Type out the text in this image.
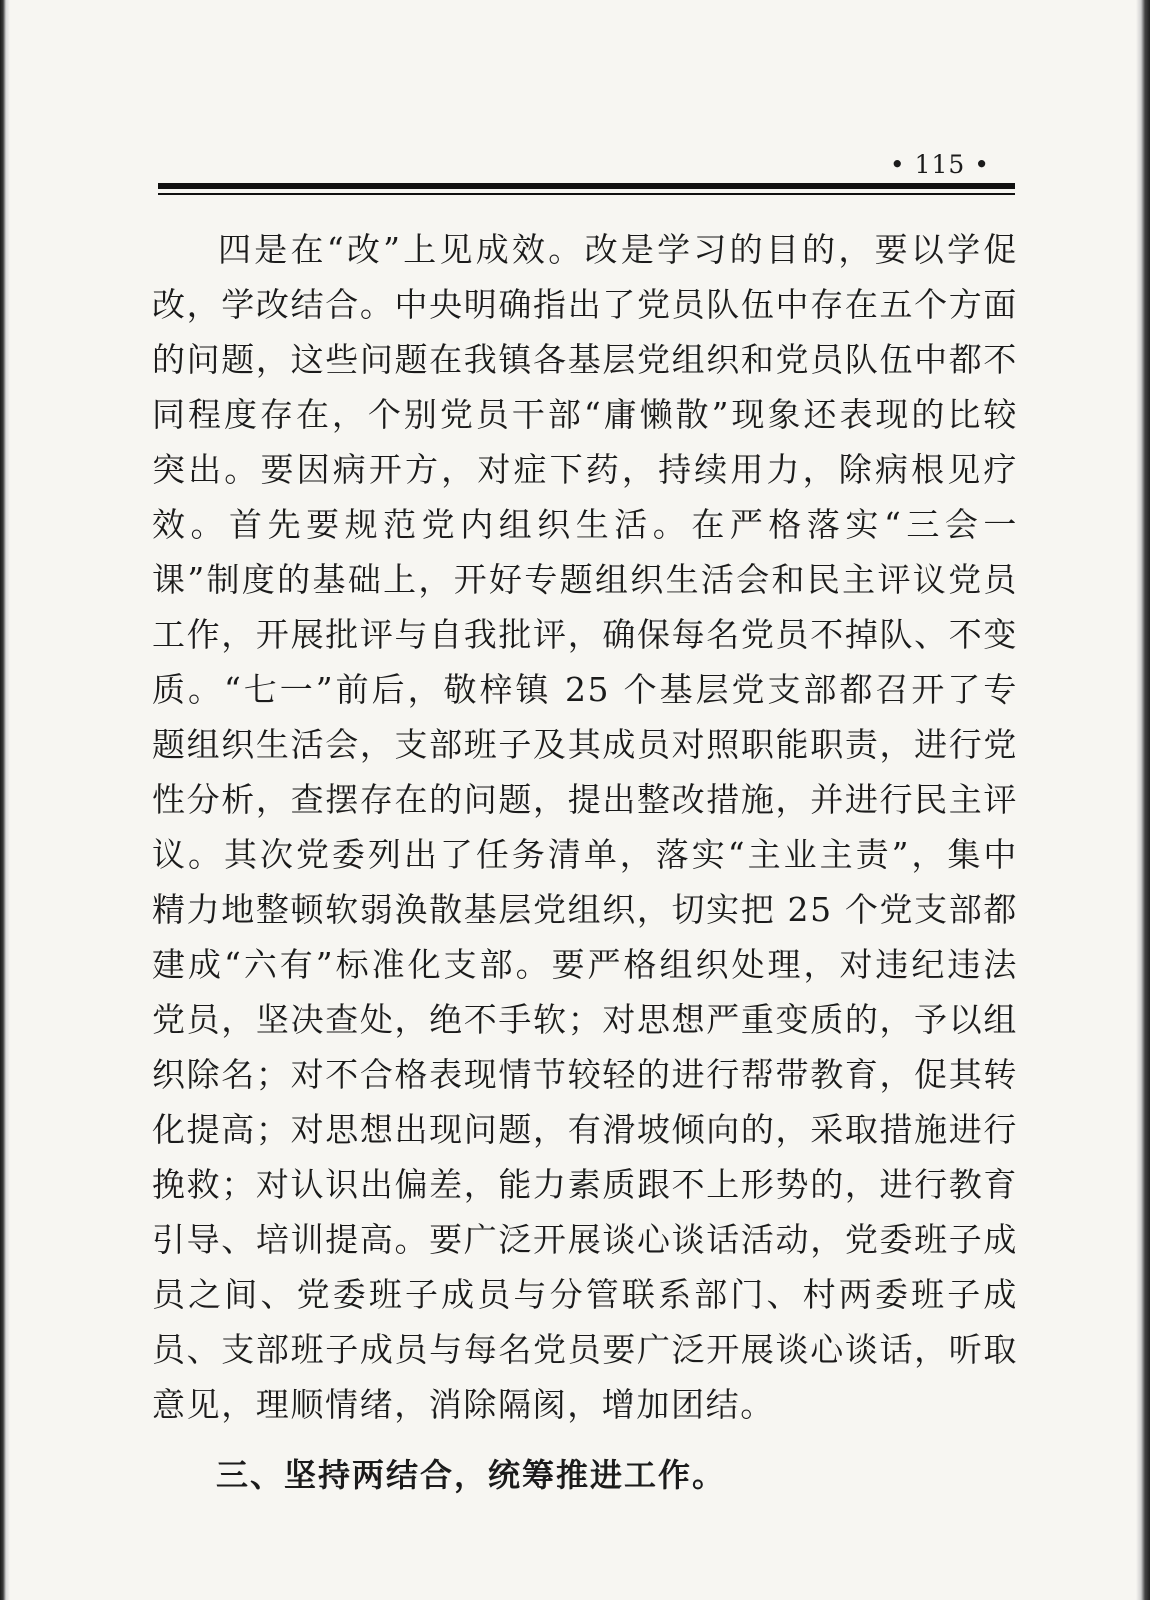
• 115 •

四是在“改”上见成效。改是学习的目的，要以学促改，学改结合。中央明确指出了党员队伍中存在五个方面的问题，这些问题在我镇各基层党组织和党员队伍中都不同程度存在，个别党员干部“庸懒散”现象还表现的比较突出。要因病开方，对症下药，持续用力，除病根见疗效。首先要规范党内组织生活。在严格落实“三会一课”制度的基础上，开好专题组织生活会和民主评议党员工作，开展批评与自我批评，确保每名党员不掉队、不变质。“七一”前后，敬梓镇 25 个基层党支部都召开了专题组织生活会，支部班子及其成员对照职能职责，进行党性分析，查摆存在的问题，提出整改措施，并进行民主评议。其次党委列出了任务清单，落实“主业主责”，集中精力地整顿软弱涣散基层党组织，切实把 25 个党支部都建成“六有”标准化支部。要严格组织处理，对违纪违法党员，坚决查处，绝不手软；对思想严重变质的，予以组织除名；对不合格表现情节较轻的进行帮带教育，促其转化提高；对思想出现问题，有滑坡倾向的，采取措施进行挽救；对认识出偏差，能力素质跟不上形势的，进行教育引导、培训提高。要广泛开展谈心谈话活动，党委班子成员之间、党委班子成员与分管联系部门、村两委班子成员、支部班子成员与每名党员要广泛开展谈心谈话，听取意见，理顺情绪，消除隔阂，增加团结。

三、坚持两结合，统筹推进工作。
